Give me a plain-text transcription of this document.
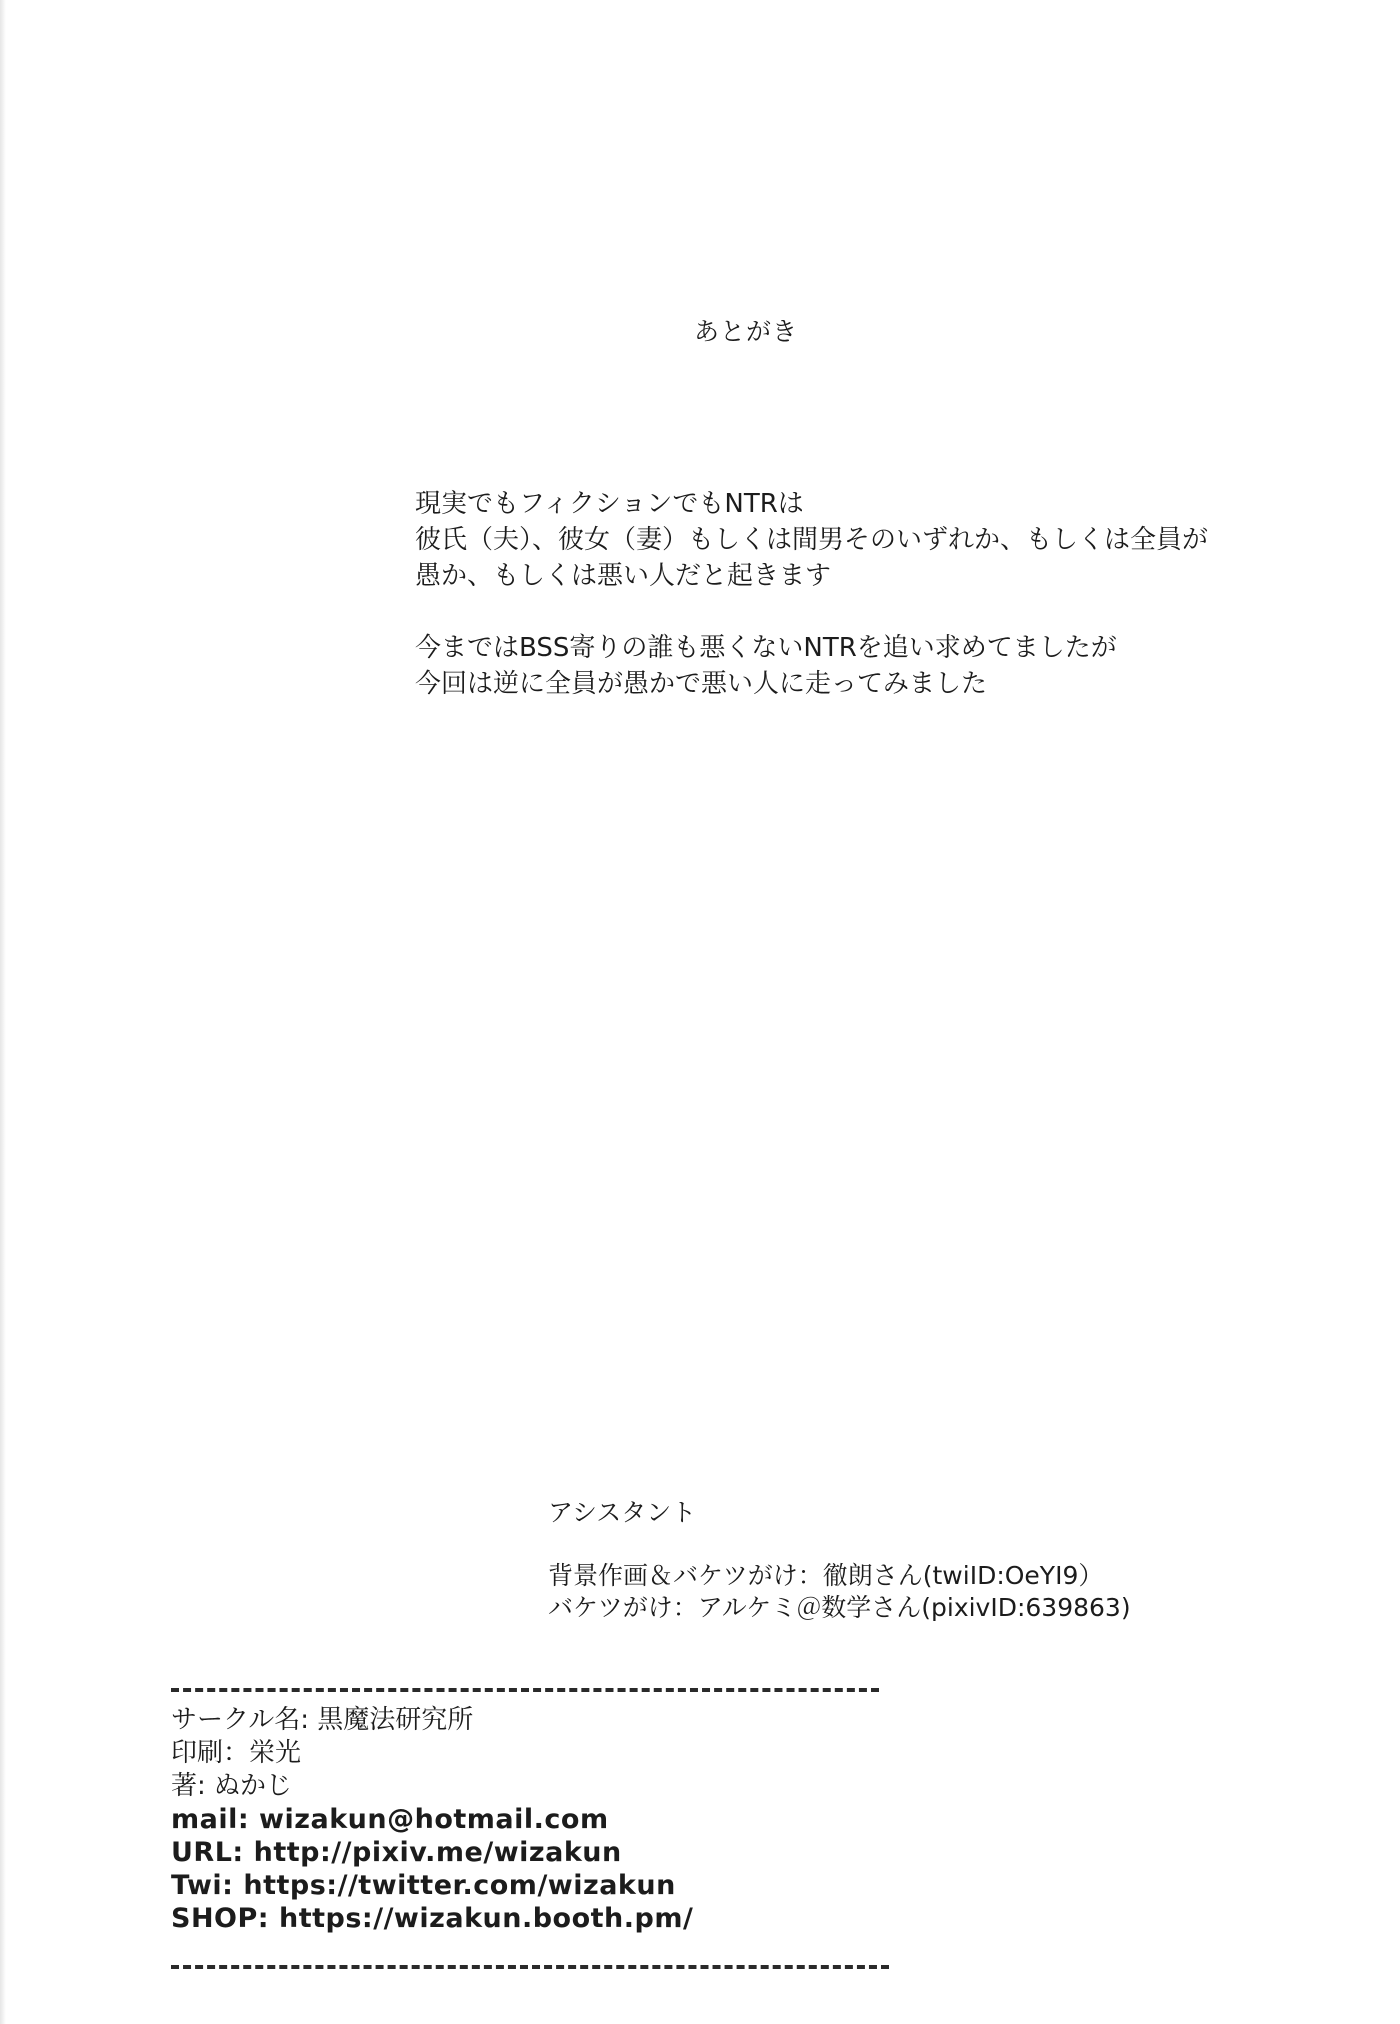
あとがき

現実でもフィクションでもNTRは
彼氏（夫）、彼女（妻）もしくは間男そのいずれか、もしくは全員が
愚か、もしくは悪い人だと起きます

今まではBSS寄りの誰も悪くないNTRを追い求めてましたが
今回は逆に全員が愚かで悪い人に走ってみました

アシスタント
背景作画＆バケツがけ：徹朗さん(twiID:OeYI9）
バケツがけ：アルケミ＠数学さん(pixivID:639863)
サークル名: 黒魔法研究所
印刷：栄光
著: ぬかじ
mail: wizakun@hotmail.com
URL: http://pixiv.me/wizakun
Twi: https://twitter.com/wizakun
SHOP: https://wizakun.booth.pm/
